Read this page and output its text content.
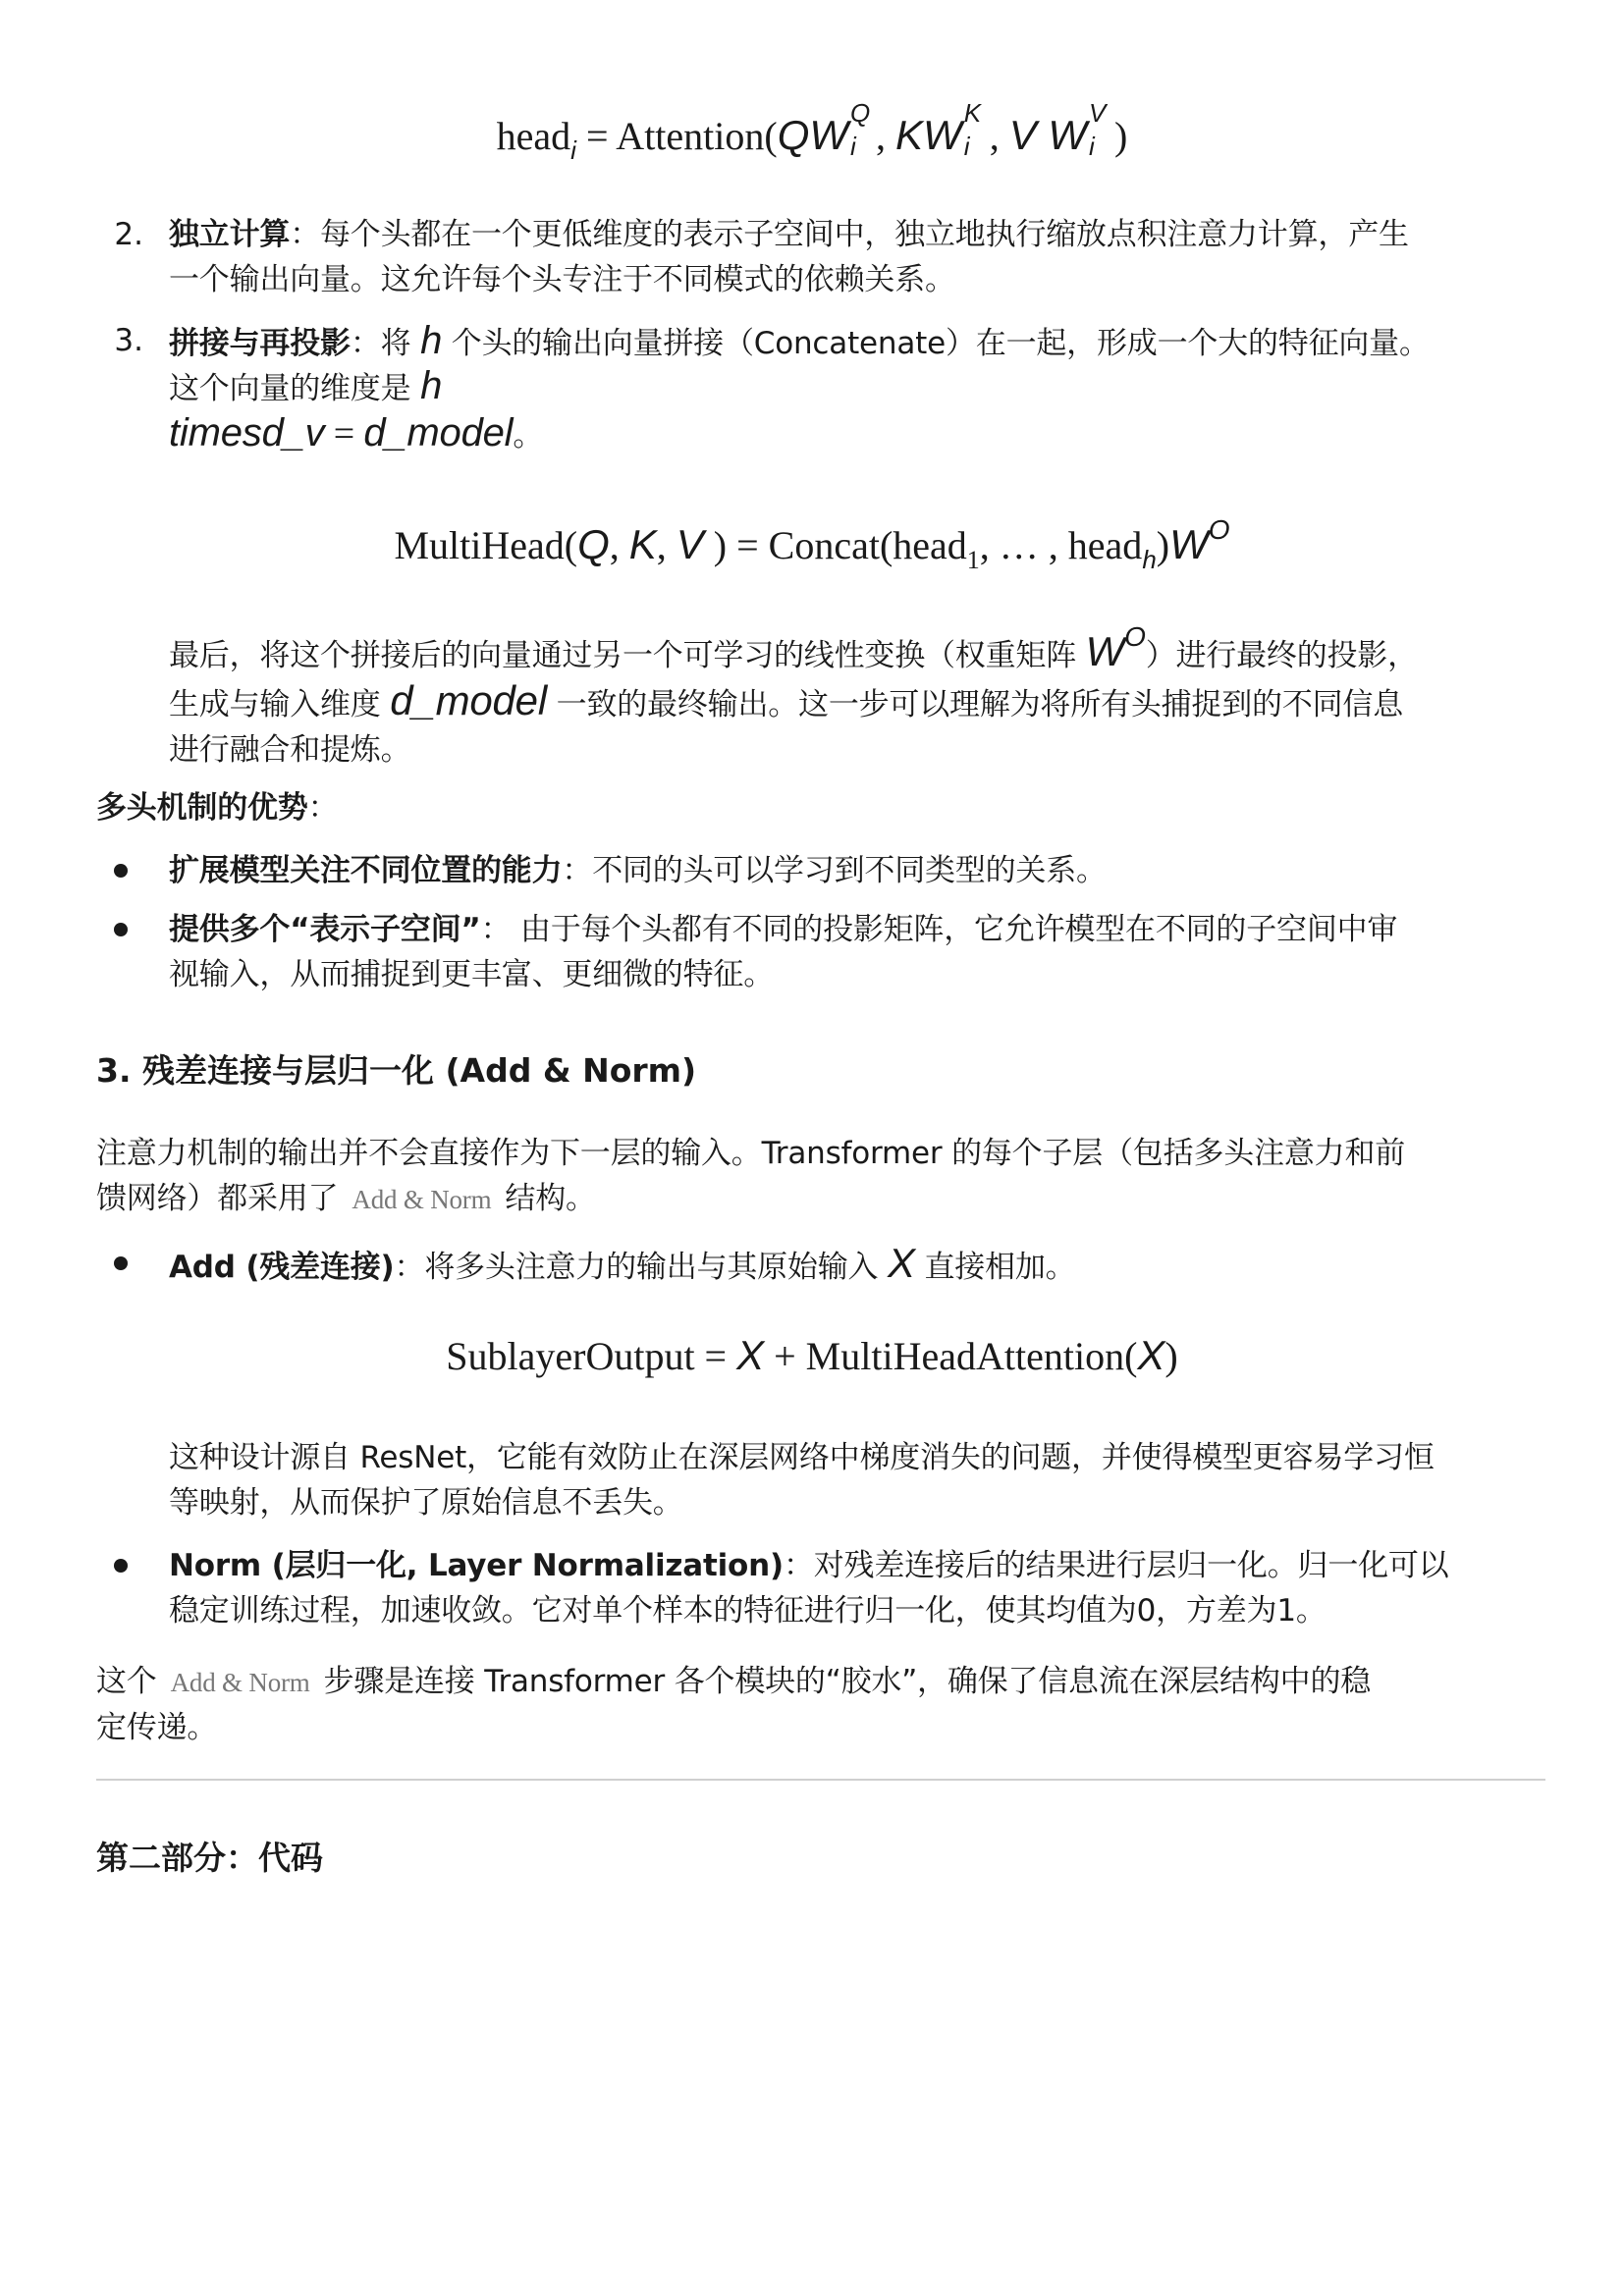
head$_i$ = Attention(QW Q
i , KW K
i , V W V
i )
2. 独立计算：每个头都在一个更低维度的表示子空间中，独立地执行缩放点积注意力计算，产生
一个输出向量。这允许每个头专注于不同模式的依赖关系。
3. 拼接与再投影：将 h 个头的输出向量拼接（Concatenate）在一起，形成一个大的特征向量。
这个向量的维度是 h
timesd_v = d_model。
MultiHead(Q, K, V ) = Concat(head$_1$, … , $head_h)W^O$
最后，将这个拼接后的向量通过另一个可学习的线性变换（权重矩阵 WO）进行最终的投影，
生成与输入维度 d_model 一致的最终输出。这一步可以理解为将所有头捕捉到的不同信息
进行融合和提炼。
多头机制的优势：
扩展模型关注不同位置的能力：不同的头可以学习到不同类型的关系。
提供多个“表示子空间”： 由于每个头都有不同的投影矩阵，它允许模型在不同的子空间中审
视输入，从而捕捉到更丰富、更细微的特征。
3. 残差连接与层归一化 (Add & Norm)
注意力机制的输出并不会直接作为下一层的输入。Transformer 的每个子层（包括多头注意力和前
馈网络）都采用了 Add & Norm 结构。
Add (残差连接)：将多头注意力的输出与其原始输入 X 直接相加。
SublayerOutput = X + MultiHeadAttention(X)
这种设计源自 ResNet，它能有效防止在深层网络中梯度消失的问题，并使得模型更容易学习恒
等映射，从而保护了原始信息不丢失。
Norm (层归一化, Layer Normalization)：对残差连接后的结果进行层归一化。归一化可以
稳定训练过程，加速收敛。它对单个样本的特征进行归一化，使其均值为0，方差为1。
这个 Add & Norm 步骤是连接 Transformer 各个模块的“胶水”，确保了信息流在深层结构中的稳
定传递。
第二部分：代码
